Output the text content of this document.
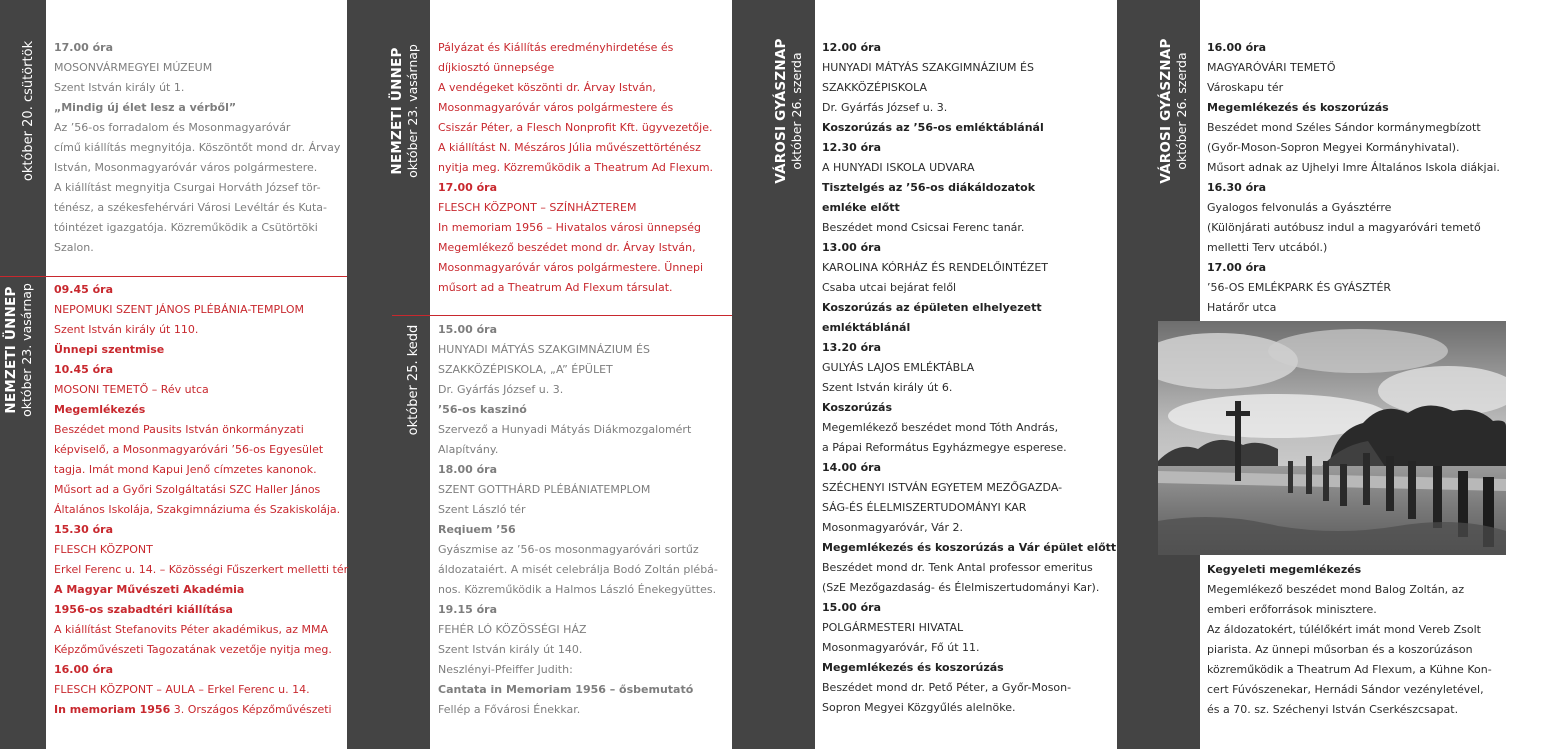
október 20. csütörtök
NEMZETI ÜNNEP október 23. vasárnap
NEMZETI ÜNNEP október 23. vasárnap
október 25. kedd
VÁROSI GYÁSZNAP október 26. szerda	VÁROSI GYÁSZNAP október 26. szerda
17.00 óra
MOSONVÁRMEGYEI MÚZEUM
Szent István király út 1.
„Mindig új élet lesz a vérből”
Az ’56-os forradalom és Mosonmagyaróvár
című kiállítás megnyitója. Köszöntőt mond dr. Árvay
István, Mosonmagyaróvár város polgármestere.
A kiállítást megnyitja Csurgai Horváth József tör-
ténész, a székesfehérvári Városi Levéltár és Kuta-
tóintézet igazgatója. Közreműködik a Csütörtöki
Szalon.
09.45 óra
NEPOMUKI SZENT JÁNOS PLÉBÁNIA-TEMPLOM
Szent István király út 110.
Ünnepi szentmise
10.45 óra
MOSONI TEMETŐ – Rév utca
Megemlékezés
Beszédet mond Pausits István önkormányzati
képviselő, a Mosonmagyaróvári ’56-os Egyesület
tagja. Imát mond Kapui Jenő címzetes kanonok.
Műsort ad a Győri Szolgáltatási SZC Haller János
Általános Iskolája, Szakgimnáziuma és Szakiskolája.
15.30 óra
FLESCH KÖZPONT
Erkel Ferenc u. 14. – Közösségi Fűszerkert melletti tér
A Magyar Művészeti Akadémia
1956-os szabadtéri kiállítása
A kiállítást Stefanovits Péter akadémikus, az MMA
Képzőművészeti Tagozatának vezetője nyitja meg.
16.00 óra
FLESCH KÖZPONT – AULA – Erkel Ferenc u. 14.
In memoriam 1956 3. Országos Képzőművészeti
Pályázat és Kiállítás eredményhirdetése és
díjkiosztó ünnepsége
A vendégeket köszönti dr. Árvay István,
Mosonmagyaróvár város polgármestere és
Csiszár Péter, a Flesch Nonprofit Kft. ügyvezetője.
A kiállítást N. Mészáros Júlia művészettörténész
nyitja meg. Közreműködik a Theatrum Ad Flexum.
17.00 óra
FLESCH KÖZPONT – SZÍNHÁZTEREM
In memoriam 1956 – Hivatalos városi ünnepség
Megemlékező beszédet mond dr. Árvay István,
Mosonmagyaróvár város polgármestere. Ünnepi
műsort ad a Theatrum Ad Flexum társulat.
15.00 óra
HUNYADI MÁTYÁS SZAKGIMNÁZIUM ÉS
SZAKKÖZÉPISKOLA, „A” ÉPÜLET
Dr. Gyárfás József u. 3.
’56-os kaszinó
Szervező a Hunyadi Mátyás Diákmozgalomért
Alapítvány.
18.00 óra
SZENT GOTTHÁRD PLÉBÁNIATEMPLOM
Szent László tér
Reqiuem ’56
Gyászmise az ’56-os mosonmagyaróvári sortűz
áldozataiért. A misét celebrálja Bodó Zoltán plébá-
nos. Közreműködik a Halmos László Énekegyüttes.
19.15 óra
FEHÉR LÓ KÖZÖSSÉGI HÁZ
Szent István király út 140.
Neszlényi-Pfeiffer Judith:
Cantata in Memoriam 1956 – ősbemutató
Fellép a Fővárosi Énekkar.
12.00 óra
HUNYADI MÁTYÁS SZAKGIMNÁZIUM ÉS
SZAKKÖZÉPISKOLA
Dr. Gyárfás József u. 3.
Koszorúzás az ’56-os emléktáblánál
12.30 óra
A HUNYADI ISKOLA UDVARA
Tisztelgés az ’56-os diákáldozatok
emléke előtt
Beszédet mond Csicsai Ferenc tanár.
13.00 óra
KAROLINA KÓRHÁZ ÉS RENDELŐINTÉZET
Csaba utcai bejárat felől
Koszorúzás az épületen elhelyezett
emléktáblánál
13.20 óra
GULYÁS LAJOS EMLÉKTÁBLA
Szent István király út 6.
Koszorúzás
Megemlékező beszédet mond Tóth András,
a Pápai Református Egyházmegye esperese.
14.00 óra
SZÉCHENYI ISTVÁN EGYETEM MEZŐGAZDA-
SÁG-ÉS ÉLELMISZERTUDOMÁNYI KAR
Mosonmagyaróvár, Vár 2.
Megemlékezés és koszorúzás a Vár épület előtt
Beszédet mond dr. Tenk Antal professor emeritus
(SzE Mezőgazdaság- és Élelmiszertudományi Kar).
15.00 óra
POLGÁRMESTERI HIVATAL
Mosonmagyaróvár, Fő út 11.
Megemlékezés és koszorúzás
Beszédet mond dr. Pető Péter, a Győr-Moson-
Sopron Megyei Közgyűlés alelnöke.
16.00 óra
MAGYARÓVÁRI TEMETŐ
Városkapu tér
Megemlékezés és koszorúzás
Beszédet mond Széles Sándor kormánymegbízott
(Győr-Moson-Sopron Megyei Kormányhivatal).
Műsort adnak az Ujhelyi Imre Általános Iskola diákjai.
16.30 óra
Gyalogos felvonulás a Gyásztérre
(Különjárati autóbusz indul a magyaróvári temető
melletti Terv utcából.)
17.00 óra
’56-OS EMLÉKPARK ÉS GYÁSZTÉR
Határőr utca
Kegyeleti megemlékezés
Megemlékező beszédet mond Balog Zoltán, az
emberi erőforrások minisztere.
Az áldozatokért, túlélőkért imát mond Vereb Zsolt
piarista. Az ünnepi műsorban és a koszorúzáson
közreműködik a Theatrum Ad Flexum, a Kühne Kon-
cert Fúvószenekar, Hernádi Sándor vezényletével,
és a 70. sz. Széchenyi István Cserkészcsapat.
